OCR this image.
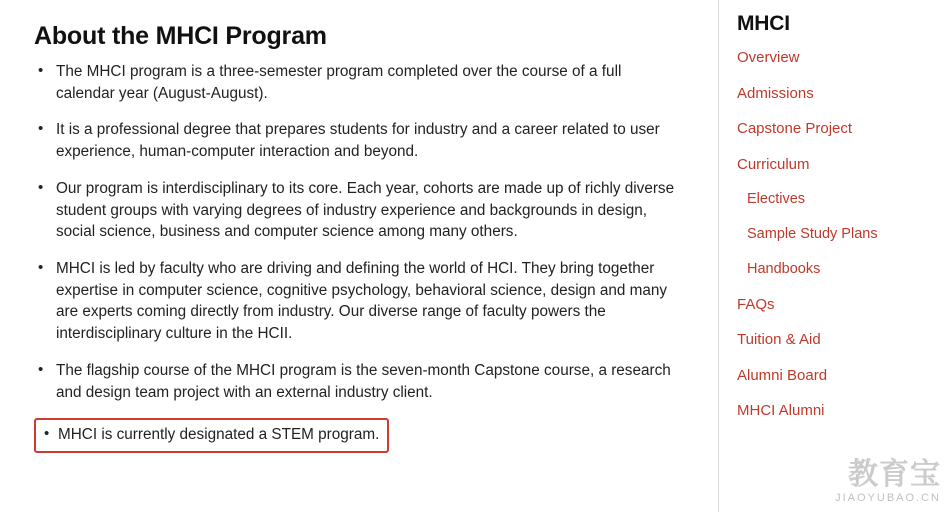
About the MHCI Program
• The MHCI program is a three-semester program completed over the course of a full calendar year (August-August).
• It is a professional degree that prepares students for industry and a career related to user experience, human-computer interaction and beyond.
• Our program is interdisciplinary to its core. Each year, cohorts are made up of richly diverse student groups with varying degrees of industry experience and backgrounds in design, social science, business and computer science among many others.
• MHCI is led by faculty who are driving and defining the world of HCI. They bring together expertise in computer science, cognitive psychology, behavioral science, design and many are experts coming directly from industry. Our diverse range of faculty powers the interdisciplinary culture in the HCII.
• The flagship course of the MHCI program is the seven-month Capstone course, a research and design team project with an external industry client.
• MHCI is currently designated a STEM program.
MHCI
Overview
Admissions
Capstone Project
Curriculum
Electives
Sample Study Plans
Handbooks
FAQs
Tuition & Aid
Alumni Board
MHCI Alumni
教育宝
JIAOYUBAO.CN
